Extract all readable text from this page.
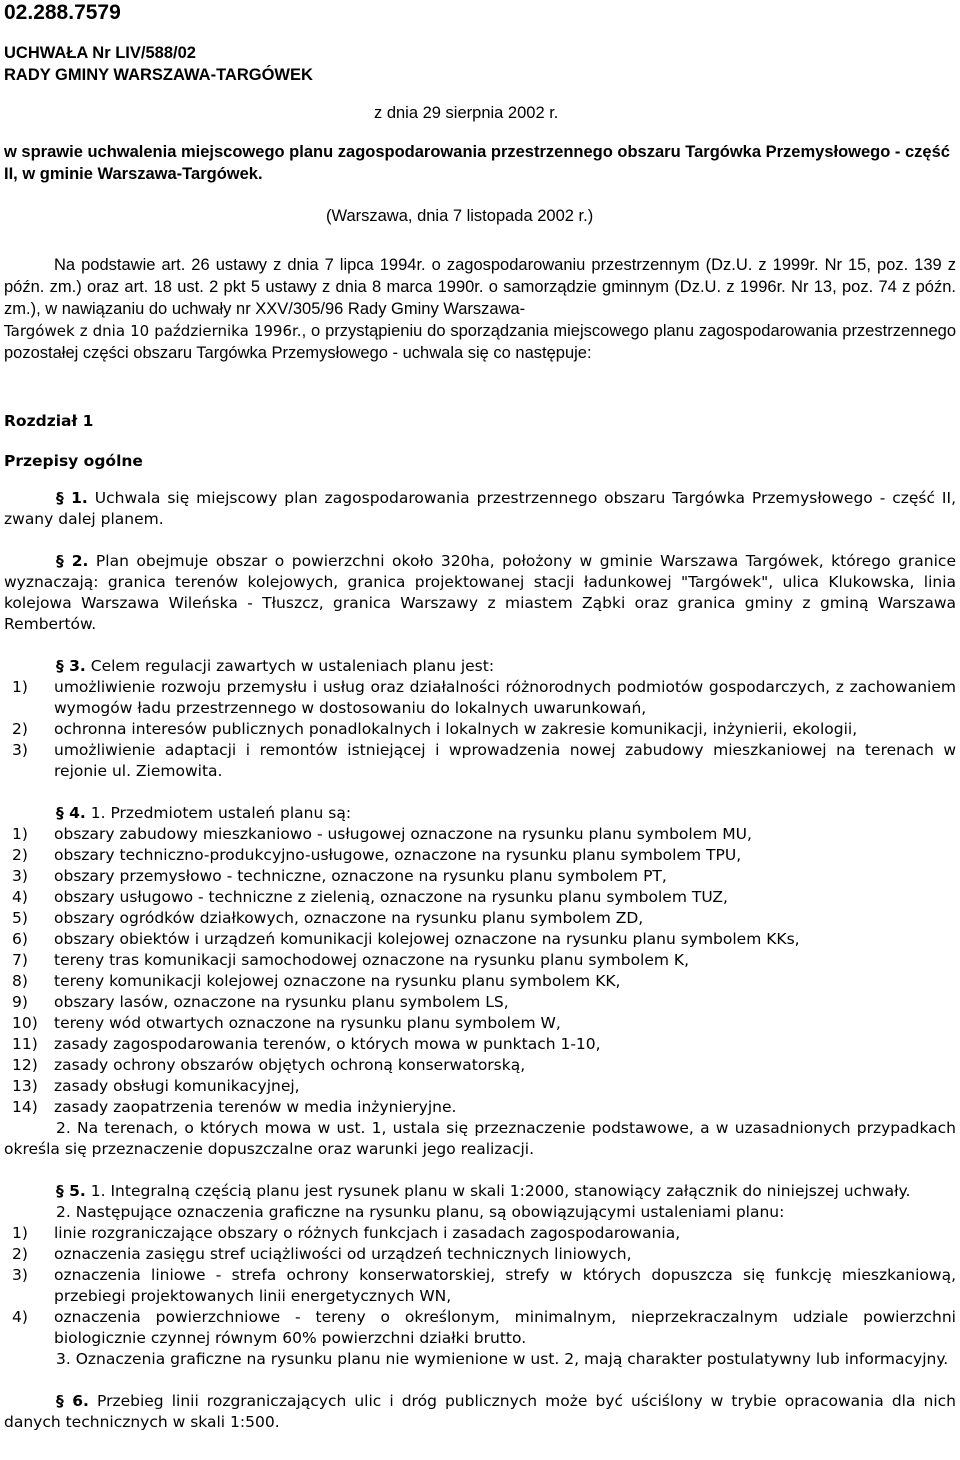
02.288.7579

UCHWAŁA Nr LIV/588/02
RADY GMINY WARSZAWA-TARGÓWEK

z dnia 29 sierpnia 2002 r.

w sprawie uchwalenia miejscowego planu zagospodarowania przestrzennego obszaru Targówka Przemysłowego - część II, w gminie Warszawa-Targówek.

(Warszawa, dnia 7 listopada 2002 r.)

Na podstawie art. 26 ustawy z dnia 7 lipca 1994r. o zagospodarowaniu przestrzennym (Dz.U. z 1999r. Nr 15, poz. 139 z późn. zm.) oraz art. 18 ust. 2 pkt 5 ustawy z dnia 8 marca 1990r. o samorządzie gminnym (Dz.U. z 1996r. Nr 13, poz. 74 z późn. zm.), w nawiązaniu do uchwały nr XXV/305/96 Rady Gminy Warszawa-
Targówek z dnia 10 października 1996r., o przystąpieniu do sporządzania miejscowego planu zagospodarowania przestrzennego pozostałej części obszaru Targówka Przemysłowego - uchwala się co następuje:

Rozdział 1

Przepisy ogólne

§ 1. Uchwala się miejscowy plan zagospodarowania przestrzennego obszaru Targówka Przemysłowego - część II, zwany dalej planem.

§ 2. Plan obejmuje obszar o powierzchni około 320ha, położony w gminie Warszawa Targówek, którego granice wyznaczają: granica terenów kolejowych, granica projektowanej stacji ładunkowej "Targówek", ulica Klukowska, linia kolejowa Warszawa Wileńska - Tłuszcz, granica Warszawy z miastem Ząbki oraz granica gminy z gminą Warszawa Rembertów.

§ 3. Celem regulacji zawartych w ustaleniach planu jest:

1) umożliwienie rozwoju przemysłu i usług oraz działalności różnorodnych podmiotów gospodarczych, z zachowaniem wymogów ładu przestrzennego w dostosowaniu do lokalnych uwarunkowań,
2) ochronna interesów publicznych ponadlokalnych i lokalnych w zakresie komunikacji, inżynierii, ekologii,
3) umożliwienie adaptacji i remontów istniejącej i wprowadzenia nowej zabudowy mieszkaniowej na terenach w rejonie ul. Ziemowita.

§ 4. 1. Przedmiotem ustaleń planu są:

1) obszary zabudowy mieszkaniowo - usługowej oznaczone na rysunku planu symbolem MU,
2) obszary techniczno-produkcyjno-usługowe, oznaczone na rysunku planu symbolem TPU,
3) obszary przemysłowo - techniczne, oznaczone na rysunku planu symbolem PT,
4) obszary usługowo - techniczne z zielenią, oznaczone na rysunku planu symbolem TUZ,
5) obszary ogródków działkowych, oznaczone na rysunku planu symbolem ZD,
6) obszary obiektów i urządzeń komunikacji kolejowej oznaczone na rysunku planu symbolem KKs,
7) tereny tras komunikacji samochodowej oznaczone na rysunku planu symbolem K,
8) tereny komunikacji kolejowej oznaczone na rysunku planu symbolem KK,
9) obszary lasów, oznaczone na rysunku planu symbolem LS,
10) tereny wód otwartych oznaczone na rysunku planu symbolem W,
11) zasady zagospodarowania terenów, o których mowa w punktach 1-10,
12) zasady ochrony obszarów objętych ochroną konserwatorską,
13) zasady obsługi komunikacyjnej,
14) zasady zaopatrzenia terenów w media inżynieryjne.

2. Na terenach, o których mowa w ust. 1, ustala się przeznaczenie podstawowe, a w uzasadnionych przypadkach określa się przeznaczenie dopuszczalne oraz warunki jego realizacji.

§ 5. 1. Integralną częścią planu jest rysunek planu w skali 1:2000, stanowiący załącznik do niniejszej uchwały.

2. Następujące oznaczenia graficzne na rysunku planu, są obowiązującymi ustaleniami planu:

1) linie rozgraniczające obszary o różnych funkcjach i zasadach zagospodarowania,
2) oznaczenia zasięgu stref uciążliwości od urządzeń technicznych liniowych,
3) oznaczenia liniowe - strefa ochrony konserwatorskiej, strefy w których dopuszcza się funkcję mieszkaniową, przebiegi projektowanych linii energetycznych WN,
4) oznaczenia powierzchniowe - tereny o określonym, minimalnym, nieprzekraczalnym udziale powierzchni biologicznie czynnej równym 60% powierzchni działki brutto.

3. Oznaczenia graficzne na rysunku planu nie wymienione w ust. 2, mają charakter postulatywny lub informacyjny.

§ 6. Przebieg linii rozgraniczających ulic i dróg publicznych może być uściślony w trybie opracowania dla nich danych technicznych w skali 1:500.
